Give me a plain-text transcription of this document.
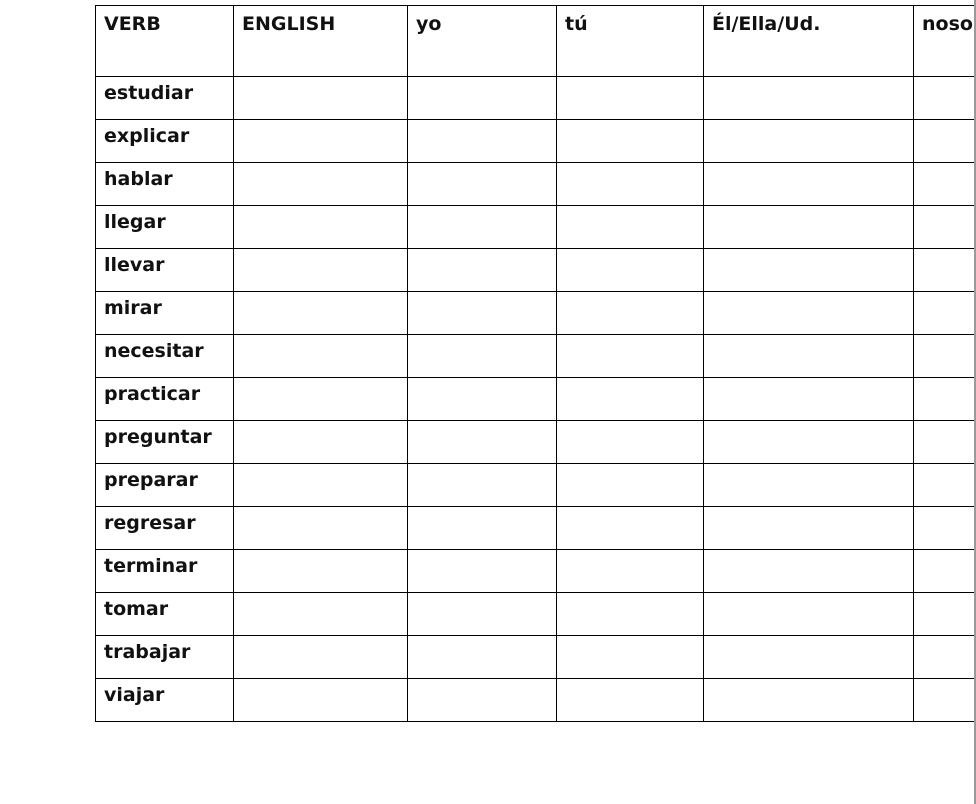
VERB	ENGLISH	yo	tú	Él/Ella/Ud.	noso
estudiar					
explicar					
hablar					
llegar					
llevar					
mirar					
necesitar					
practicar					
preguntar					
preparar					
regresar					
terminar					
tomar					
trabajar					
viajar					
